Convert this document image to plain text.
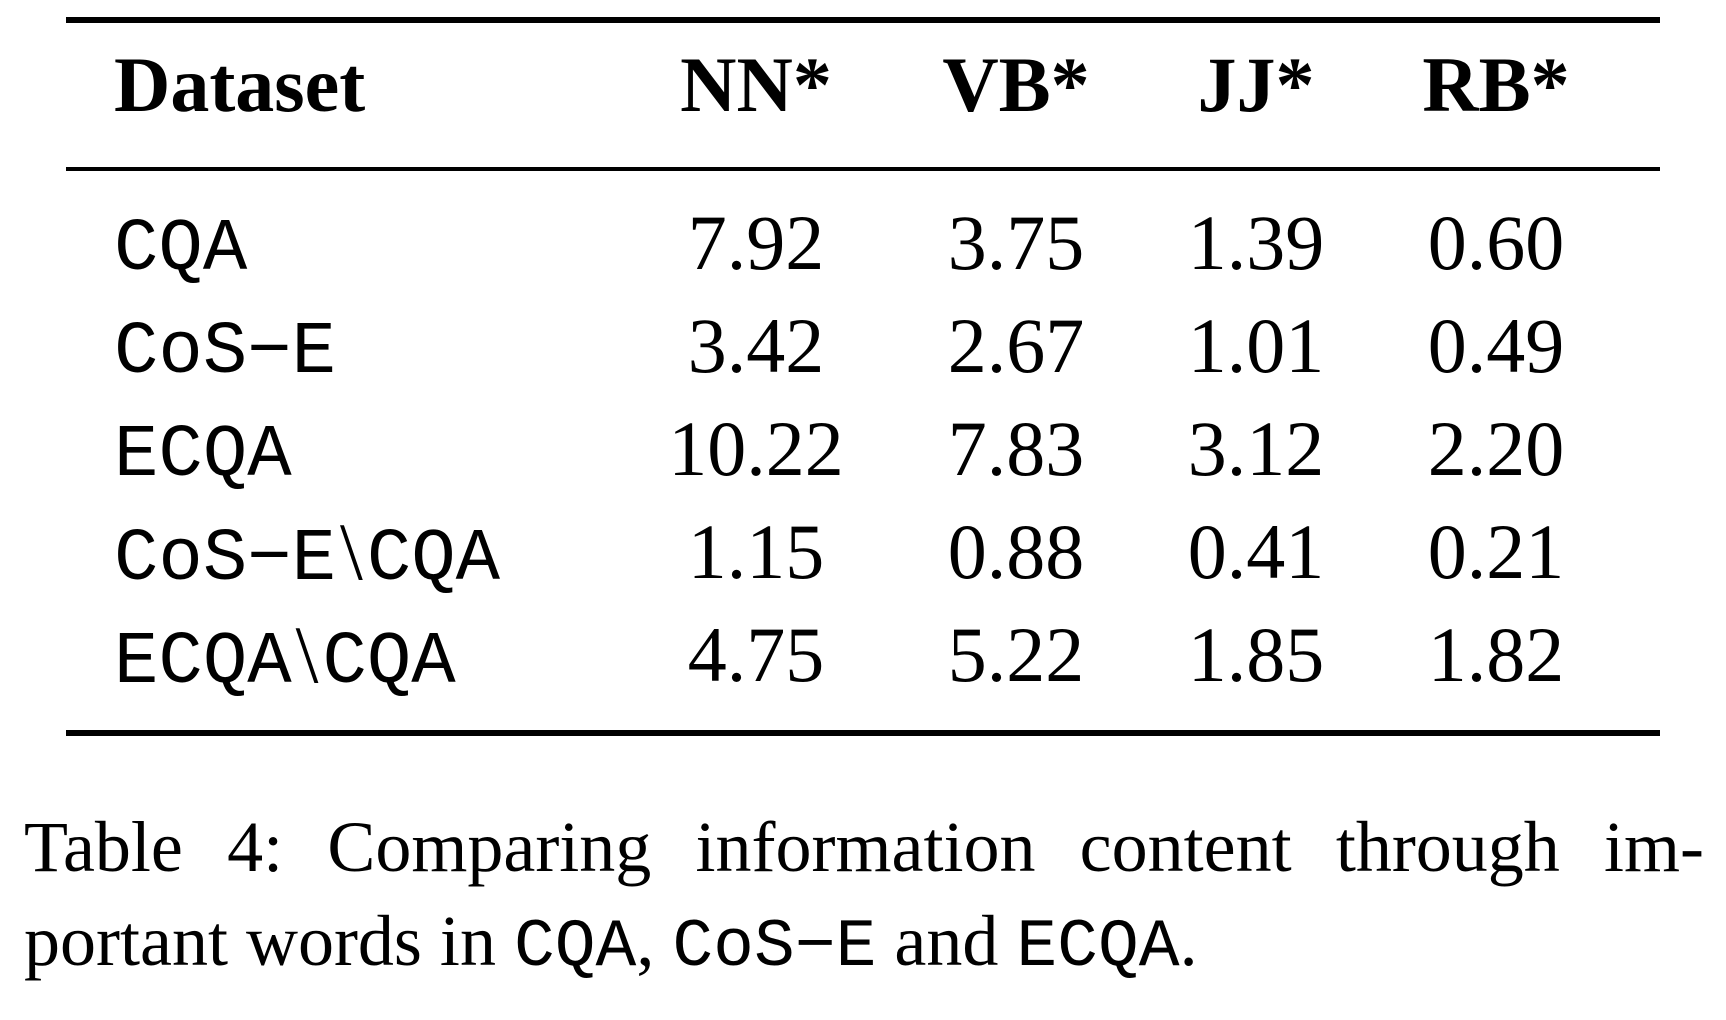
Dataset	NN*	VB*	JJ*	RB*
CQA	7.92	3.75	1.39	0.60
CoS−E	3.42	2.67	1.01	0.49
ECQA	10.22	7.83	3.12	2.20
CoS−E\CQA	1.15	0.88	0.41	0.21
ECQA\CQA	4.75	5.22	1.85	1.82
Table 4: Comparing information content through im-portant words in CQA, CoS−E and ECQA.
